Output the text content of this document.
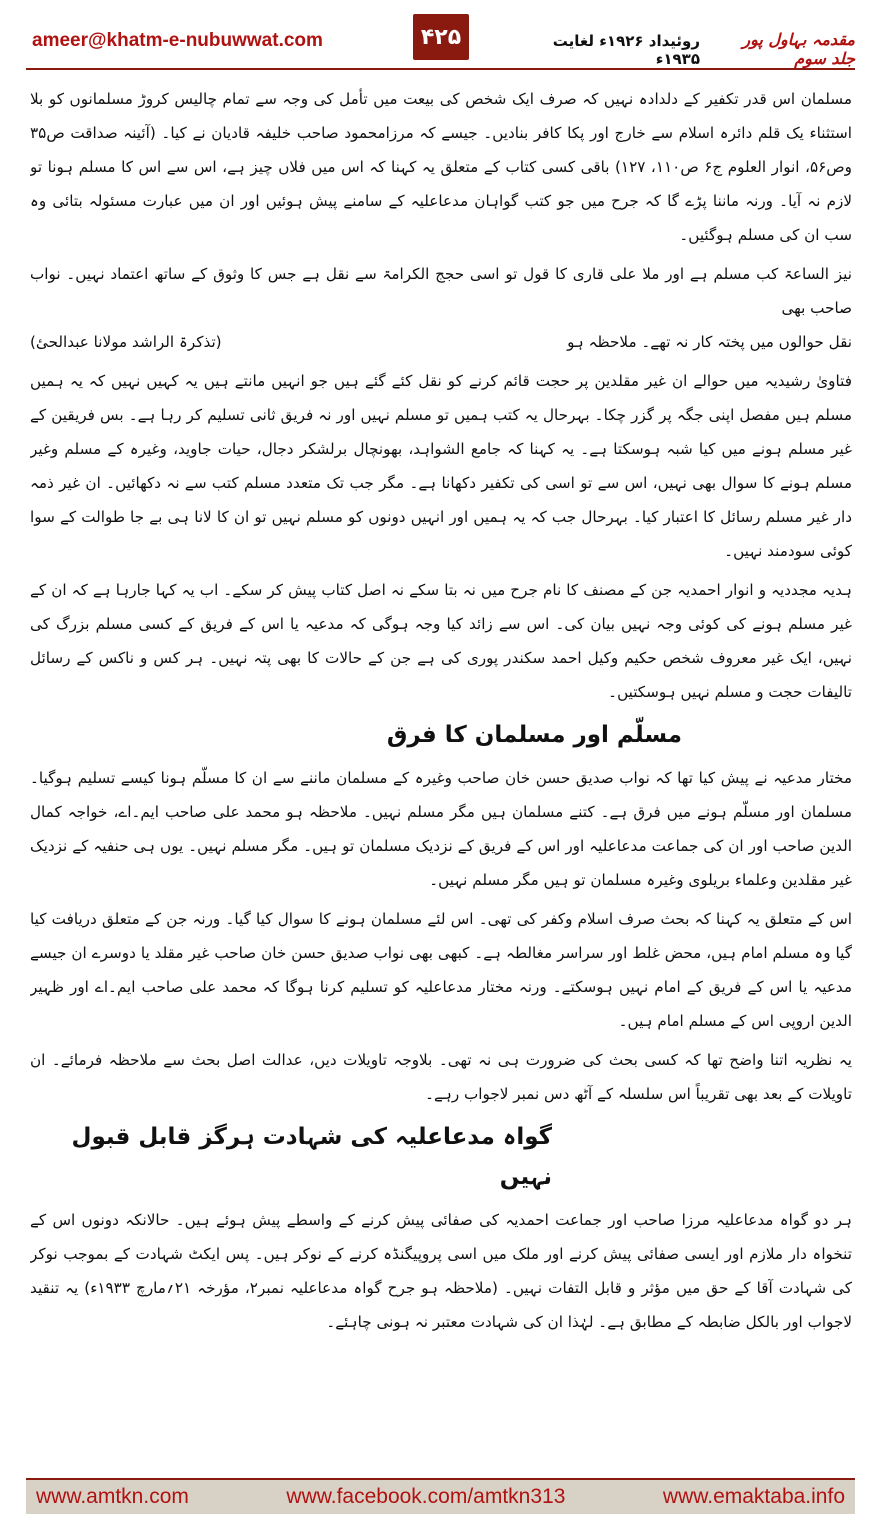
ameer@khatm-e-nubuwwat.com	۴۲۵	روئیداد ۱۹۲۶ء لغایت ۱۹۳۵ء
مقدمہ بہاول پور جلد سوم

مسلمان اس قدر تکفیر کے دلدادہ نہیں کہ صرف ایک شخص کی بیعت میں تأمل کی وجہ سے تمام چالیس کروڑ مسلمانوں کو بلا استثناء یک قلم دائرہ اسلام سے خارج اور پکا کافر بنادیں۔ جیسے کہ مرزامحمود صاحب خلیفہ قادیان نے کیا۔ (آئینہ صداقت ص۳۵ وص۵۶، انوار العلوم ج۶ ص۱۱۰، ۱۲۷) باقی کسی کتاب کے متعلق یہ کہنا کہ اس میں فلاں چیز ہے، اس سے اس کا مسلم ہونا تو لازم نہ آیا۔ ورنہ ماننا پڑے گا کہ جرح میں جو کتب گواہان مدعاعلیہ کے سامنے پیش ہوئیں اور ان میں عبارت مسئولہ بتائی وہ سب ان کی مسلم ہوگئیں۔

نیز الساعۃ کب مسلم ہے اور ملا علی قاری کا قول تو اسی حجج الکرامۃ سے نقل ہے جس کا وثوق کے ساتھ اعتماد نہیں۔ نواب صاحب بھی

نقل حوالوں میں پختہ کار نہ تھے۔ ملاحظہ ہو
(تذکرۃ الراشد مولانا عبدالحیٔ)

فتاویٰ رشیدیہ میں حوالے ان غیر مقلدین پر حجت قائم کرنے کو نقل کئے گئے ہیں جو انہیں مانتے ہیں یہ کہیں نہیں کہ یہ ہمیں مسلم ہیں مفصل اپنی جگہ پر گزر چکا۔ بہرحال یہ کتب ہمیں تو مسلم نہیں اور نہ فریق ثانی تسلیم کر رہا ہے۔ بس فریقین کے غیر مسلم ہونے میں کیا شبہ ہوسکتا ہے۔ یہ کہنا کہ جامع الشواہد، بھونچال برلشکر دجال، حیات جاوید، وغیرہ کے مسلم وغیر مسلم ہونے کا سوال بھی نہیں، اس سے تو اسی کی تکفیر دکھانا ہے۔ مگر جب تک متعدد مسلم کتب سے نہ دکھائیں۔ ان غیر ذمہ دار غیر مسلم رسائل کا اعتبار کیا۔ بہرحال جب کہ یہ ہمیں اور انہیں دونوں کو مسلم نہیں تو ان کا لانا ہی بے جا طوالت کے سوا کوئی سودمند نہیں۔

ہدیہ مجددیہ و انوار احمدیہ جن کے مصنف کا نام جرح میں نہ بتا سکے نہ اصل کتاب پیش کر سکے۔ اب یہ کہا جارہا ہے کہ ان کے غیر مسلم ہونے کی کوئی وجہ نہیں بیان کی۔ اس سے زائد کیا وجہ ہوگی کہ مدعیہ یا اس کے فریق کے کسی مسلم بزرگ کی نہیں، ایک غیر معروف شخص حکیم وکیل احمد سکندر پوری کی ہے جن کے حالات کا بھی پتہ نہیں۔ ہر کس و ناکس کے رسائل تالیفات حجت و مسلم نہیں ہوسکتیں۔

مسلّم اور مسلمان کا فرق

مختار مدعیہ نے پیش کیا تھا کہ نواب صدیق حسن خان صاحب وغیرہ کے مسلمان ماننے سے ان کا مسلّم ہونا کیسے تسلیم ہوگیا۔ مسلمان اور مسلّم ہونے میں فرق ہے۔ کتنے مسلمان ہیں مگر مسلم نہیں۔ ملاحظہ ہو محمد علی صاحب ایم۔اے، خواجہ کمال الدین صاحب اور ان کی جماعت مدعاعلیہ اور اس کے فریق کے نزدیک مسلمان تو ہیں۔ مگر مسلم نہیں۔ یوں ہی حنفیہ کے نزدیک غیر مقلدین وعلماء بریلوی وغیرہ مسلمان تو ہیں مگر مسلم نہیں۔

اس کے متعلق یہ کہنا کہ بحث صرف اسلام وکفر کی تھی۔ اس لئے مسلمان ہونے کا سوال کیا گیا۔ ورنہ جن کے متعلق دریافت کیا گیا وہ مسلم امام ہیں، محض غلط اور سراسر مغالطہ ہے۔ کبھی بھی نواب صدیق حسن خان صاحب غیر مقلد یا دوسرے ان جیسے مدعیہ یا اس کے فریق کے امام نہیں ہوسکتے۔ ورنہ مختار مدعاعلیہ کو تسلیم کرنا ہوگا کہ محمد علی صاحب ایم۔اے اور ظہیر الدین اروپی اس کے مسلم امام ہیں۔

یہ نظریہ اتنا واضح تھا کہ کسی بحث کی ضرورت ہی نہ تھی۔ بلاوجہ تاویلات دیں، عدالت اصل بحث سے ملاحظہ فرمائے۔ ان تاویلات کے بعد بھی تقریباً اس سلسلہ کے آٹھ دس نمبر لاجواب رہے۔

گواہ مدعاعلیہ کی شہادت ہرگز قابل قبول نہیں

ہر دو گواہ مدعاعلیہ مرزا صاحب اور جماعت احمدیہ کی صفائی پیش کرنے کے واسطے پیش ہوئے ہیں۔ حالانکہ دونوں اس کے تنخواہ دار ملازم اور ایسی صفائی پیش کرنے اور ملک میں اسی پروپیگنڈہ کرنے کے نوکر ہیں۔ پس ایکٹ شہادت کے بموجب نوکر کی شہادت آقا کے حق میں مؤثر و قابل التفات نہیں۔ (ملاحظہ ہو جرح گواہ مدعاعلیہ نمبر۲، مؤرخہ ۲۱؍مارچ ۱۹۳۳ء) یہ تنقید لاجواب اور بالکل ضابطہ کے مطابق ہے۔ لہٰذا ان کی شہادت معتبر نہ ہونی چاہئے۔

www.amtkn.com	www.facebook.com/amtkn313	www.emaktaba.info
